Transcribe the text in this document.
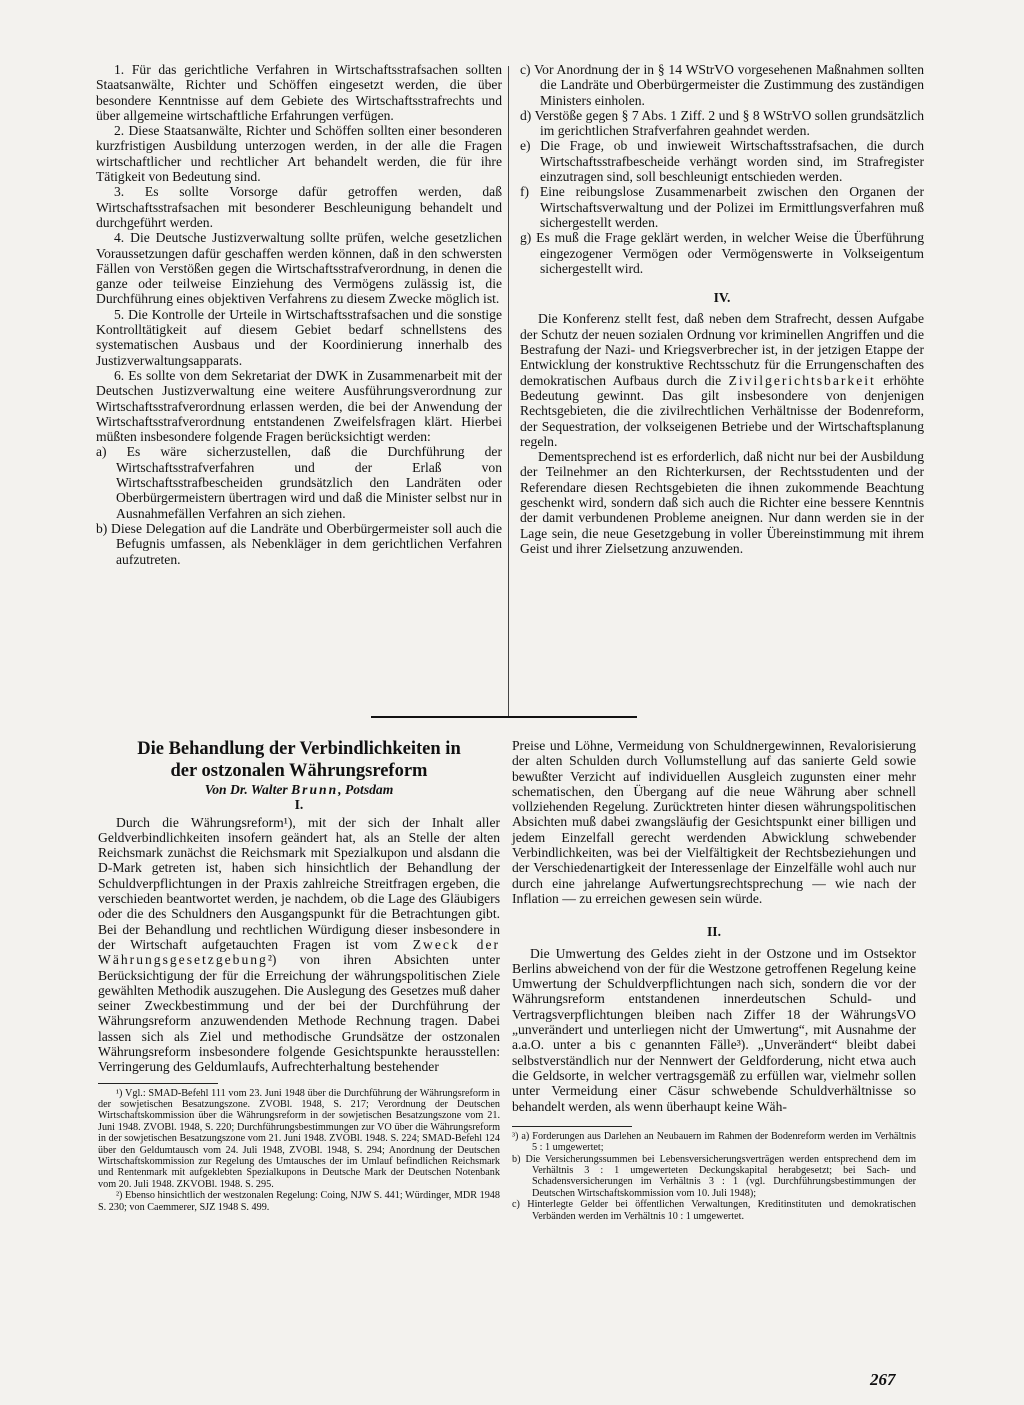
1. Für das gerichtliche Verfahren in Wirtschaftsstrafsachen sollten Staatsanwälte, Richter und Schöffen eingesetzt werden, die über besondere Kenntnisse auf dem Gebiete des Wirtschaftsstrafrechts und über allgemeine wirtschaftliche Erfahrungen verfügen.

2. Diese Staatsanwälte, Richter und Schöffen sollten einer besonderen kurzfristigen Ausbildung unterzogen werden, in der alle die Fragen wirtschaftlicher und rechtlicher Art behandelt werden, die für ihre Tätigkeit von Bedeutung sind.

3. Es sollte Vorsorge dafür getroffen werden, daß Wirtschaftsstrafsachen mit besonderer Beschleunigung behandelt und durchgeführt werden.

4. Die Deutsche Justizverwaltung sollte prüfen, welche gesetzlichen Voraussetzungen dafür geschaffen werden können, daß in den schwersten Fällen von Verstößen gegen die Wirtschaftsstrafverordnung, in denen die ganze oder teilweise Einziehung des Vermögens zulässig ist, die Durchführung eines objektiven Verfahrens zu diesem Zwecke möglich ist.

5. Die Kontrolle der Urteile in Wirtschaftsstrafsachen und die sonstige Kontrolltätigkeit auf diesem Gebiet bedarf schnellstens des systematischen Ausbaus und der Koordinierung innerhalb des Justizverwaltungsapparats.

6. Es sollte von dem Sekretariat der DWK in Zusammenarbeit mit der Deutschen Justizverwaltung eine weitere Ausführungsverordnung zur Wirtschaftsstrafverordnung erlassen werden, die bei der Anwendung der Wirtschaftsstrafverordnung entstandenen Zweifelsfragen klärt. Hierbei müßten insbesondere folgende Fragen berücksichtigt werden:

a) Es wäre sicherzustellen, daß die Durchführung der Wirtschaftsstrafverfahren und der Erlaß von Wirtschaftsstrafbescheiden grundsätzlich den Landräten oder Oberbürgermeistern übertragen wird und daß die Minister selbst nur in Ausnahmefällen Verfahren an sich ziehen.

b) Diese Delegation auf die Landräte und Oberbürgermeister soll auch die Befugnis umfassen, als Nebenkläger in dem gerichtlichen Verfahren aufzutreten.

c) Vor Anordnung der in § 14 WStrVO vorgesehenen Maßnahmen sollten die Landräte und Oberbürgermeister die Zustimmung des zuständigen Ministers einholen.

d) Verstöße gegen § 7 Abs. 1 Ziff. 2 und § 8 WStrVO sollen grundsätzlich im gerichtlichen Strafverfahren geahndet werden.

e) Die Frage, ob und inwieweit Wirtschaftsstrafsachen, die durch Wirtschaftsstrafbescheide verhängt worden sind, im Strafregister einzutragen sind, soll beschleunigt entschieden werden.

f) Eine reibungslose Zusammenarbeit zwischen den Organen der Wirtschaftsverwaltung und der Polizei im Ermittlungsverfahren muß sichergestellt werden.

g) Es muß die Frage geklärt werden, in welcher Weise die Überführung eingezogener Vermögen oder Vermögenswerte in Volkseigentum sichergestellt wird.

IV.

Die Konferenz stellt fest, daß neben dem Strafrecht, dessen Aufgabe der Schutz der neuen sozialen Ordnung vor kriminellen Angriffen und die Bestrafung der Nazi- und Kriegsverbrecher ist, in der jetzigen Etappe der Entwicklung der konstruktive Rechtsschutz für die Errungenschaften des demokratischen Aufbaus durch die Zivilgerichtsbarkeit erhöhte Bedeutung gewinnt. Das gilt insbesondere von denjenigen Rechtsgebieten, die die zivilrechtlichen Verhältnisse der Bodenreform, der Sequestration, der volkseigenen Betriebe und der Wirtschaftsplanung regeln.

Dementsprechend ist es erforderlich, daß nicht nur bei der Ausbildung der Teilnehmer an den Richterkursen, der Rechtsstudenten und der Referendare diesen Rechtsgebieten die ihnen zukommende Beachtung geschenkt wird, sondern daß sich auch die Richter eine bessere Kenntnis der damit verbundenen Probleme aneignen. Nur dann werden sie in der Lage sein, die neue Gesetzgebung in voller Übereinstimmung mit ihrem Geist und ihrer Zielsetzung anzuwenden.

Die Behandlung der Verbindlichkeiten in
der ostzonalen Währungsreform

Von Dr. Walter Brunn, Potsdam

I.

Durch die Währungsreform¹), mit der sich der Inhalt aller Geldverbindlichkeiten insofern geändert hat, als an Stelle der alten Reichsmark zunächst die Reichsmark mit Spezialkupon und alsdann die D-Mark getreten ist, haben sich hinsichtlich der Behandlung der Schuldverpflichtungen in der Praxis zahlreiche Streitfragen ergeben, die verschieden beantwortet werden, je nachdem, ob die Lage des Gläubigers oder die des Schuldners den Ausgangspunkt für die Betrachtungen gibt. Bei der Behandlung und rechtlichen Würdigung dieser insbesondere in der Wirtschaft aufgetauchten Fragen ist vom Zweck der Währungsgesetzgebung²) von ihren Absichten unter Berücksichtigung der für die Erreichung der währungspolitischen Ziele gewählten Methodik auszugehen. Die Auslegung des Gesetzes muß daher seiner Zweckbestimmung und der bei der Durchführung der Währungsreform anzuwendenden Methode Rechnung tragen. Dabei lassen sich als Ziel und methodische Grundsätze der ostzonalen Währungsreform insbesondere folgende Gesichtspunkte herausstellen: Verringerung des Geldumlaufs, Aufrechterhaltung bestehender

¹) Vgl.: SMAD-Befehl 111 vom 23. Juni 1948 über die Durchführung der Währungsreform in der sowjetischen Besatzungszone. ZVOBl. 1948, S. 217; Verordnung der Deutschen Wirtschaftskommission über die Währungsreform in der sowjetischen Besatzungszone vom 21. Juni 1948. ZVOBl. 1948, S. 220; Durchführungsbestimmungen zur VO über die Währungsreform in der sowjetischen Besatzungszone vom 21. Juni 1948. ZVOBl. 1948. S. 224; SMAD-Befehl 124 über den Geldumtausch vom 24. Juli 1948, ZVOBl. 1948, S. 294; Anordnung der Deutschen Wirtschaftskommission zur Regelung des Umtausches der im Umlauf befindlichen Reichsmark und Rentenmark mit aufgeklebten Spezialkupons in Deutsche Mark der Deutschen Notenbank vom 20. Juli 1948. ZKVOBl. 1948. S. 295.

²) Ebenso hinsichtlich der westzonalen Regelung: Coing, NJW S. 441; Würdinger, MDR 1948 S. 230; von Caemmerer, SJZ 1948 S. 499.

Preise und Löhne, Vermeidung von Schuldnergewinnen, Revalorisierung der alten Schulden durch Vollumstellung auf das sanierte Geld sowie bewußter Verzicht auf individuellen Ausgleich zugunsten einer mehr schematischen, den Übergang auf die neue Währung aber schnell vollziehenden Regelung. Zurücktreten hinter diesen währungspolitischen Absichten muß dabei zwangsläufig der Gesichtspunkt einer billigen und jedem Einzelfall gerecht werdenden Abwicklung schwebender Verbindlichkeiten, was bei der Vielfältigkeit der Rechtsbeziehungen und der Verschiedenartigkeit der Interessenlage der Einzelfälle wohl auch nur durch eine jahrelange Aufwertungsrechtsprechung — wie nach der Inflation — zu erreichen gewesen sein würde.

II.

Die Umwertung des Geldes zieht in der Ostzone und im Ostsektor Berlins abweichend von der für die Westzone getroffenen Regelung keine Umwertung der Schuldverpflichtungen nach sich, sondern die vor der Währungsreform entstandenen innerdeutschen Schuld- und Vertragsverpflichtungen bleiben nach Ziffer 18 der WährungsVO „unverändert und unterliegen nicht der Umwertung“, mit Ausnahme der a.a.O. unter a bis c genannten Fälle³). „Unverändert“ bleibt dabei selbstverständlich nur der Nennwert der Geldforderung, nicht etwa auch die Geldsorte, in welcher vertragsgemäß zu erfüllen war, vielmehr sollen unter Vermeidung einer Cäsur schwebende Schuldverhältnisse so behandelt werden, als wenn überhaupt keine Wäh-

³) a) Forderungen aus Darlehen an Neubauern im Rahmen der Bodenreform werden im Verhältnis 5 : 1 umgewertet;

b) Die Versicherungssummen bei Lebensversicherungsverträgen werden entsprechend dem im Verhältnis 3 : 1 umgewerteten Deckungskapital herabgesetzt; bei Sach- und Schadensversicherungen im Verhältnis 3 : 1 (vgl. Durchführungsbestimmungen der Deutschen Wirtschaftskommission vom 10. Juli 1948);

c) Hinterlegte Gelder bei öffentlichen Verwaltungen, Kreditinstituten und demokratischen Verbänden werden im Verhältnis 10 : 1 umgewertet.

267
